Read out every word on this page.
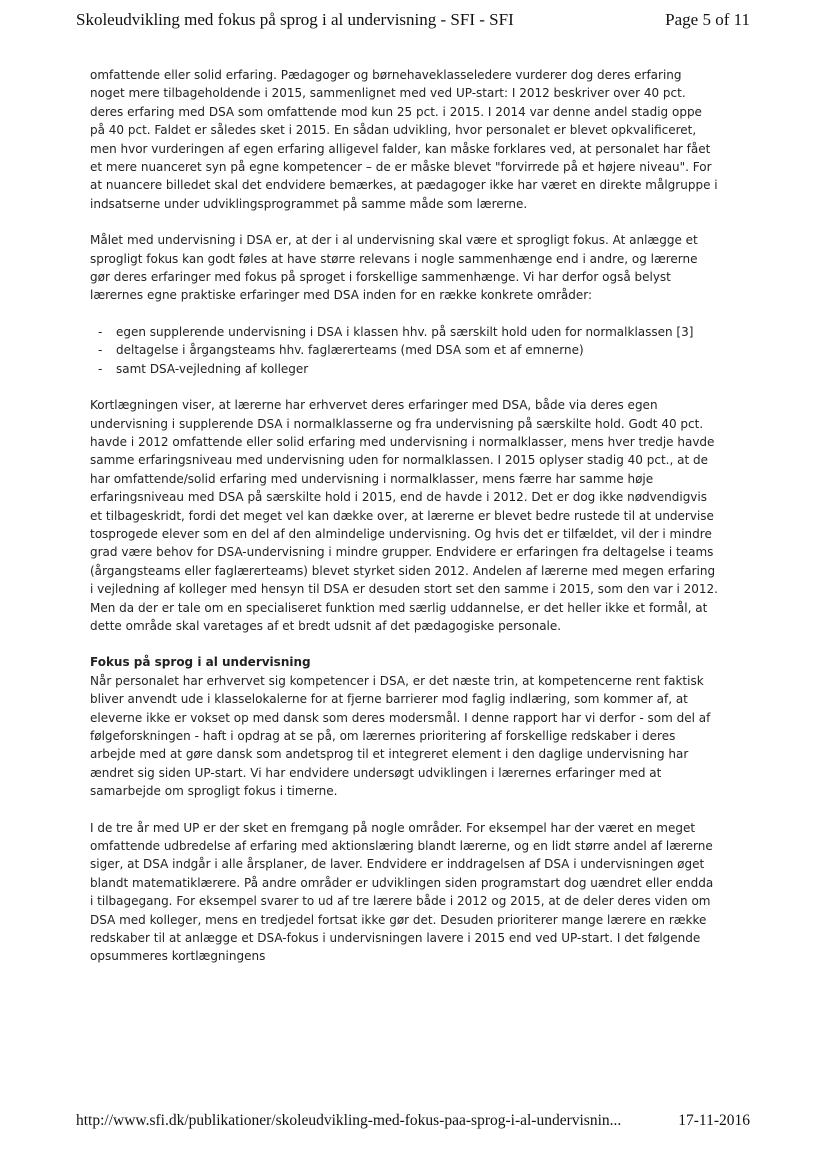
Skoleudvikling med fokus på sprog i al undervisning - SFI - SFI	Page 5 of 11

omfattende eller solid erfaring. Pædagoger og børnehaveklasseledere vurderer dog deres erfaring noget mere tilbageholdende i 2015, sammenlignet med ved UP-start: I 2012 beskriver over 40 pct. deres erfaring med DSA som omfattende mod kun 25 pct. i 2015. I 2014 var denne andel stadig oppe på 40 pct. Faldet er således sket i 2015. En sådan udvikling, hvor personalet er blevet opkvalificeret, men hvor vurderingen af egen erfaring alligevel falder, kan måske forklares ved, at personalet har fået et mere nuanceret syn på egne kompetencer – de er måske blevet "forvirrede på et højere niveau". For at nuancere billedet skal det endvidere bemærkes, at pædagoger ikke har været en direkte målgruppe i indsatserne under udviklingsprogrammet på samme måde som lærerne.

Målet med undervisning i DSA er, at der i al undervisning skal være et sprogligt fokus. At anlægge et sprogligt fokus kan godt føles at have større relevans i nogle sammenhænge end i andre, og lærerne gør deres erfaringer med fokus på sproget i forskellige sammenhænge. Vi har derfor også belyst lærernes egne praktiske erfaringer med DSA inden for en række konkrete områder:

- egen supplerende undervisning i DSA i klassen hhv. på særskilt hold uden for normalklassen [3]
- deltagelse i årgangsteams hhv. faglærerteams (med DSA som et af emnerne)
- samt DSA-vejledning af kolleger

Kortlægningen viser, at lærerne har erhvervet deres erfaringer med DSA, både via deres egen undervisning i supplerende DSA i normalklasserne og fra undervisning på særskilte hold. Godt 40 pct. havde i 2012 omfattende eller solid erfaring med undervisning i normalklasser, mens hver tredje havde samme erfaringsniveau med undervisning uden for normalklassen. I 2015 oplyser stadig 40 pct., at de har omfattende/solid erfaring med undervisning i normalklasser, mens færre har samme høje erfaringsniveau med DSA på særskilte hold i 2015, end de havde i 2012. Det er dog ikke nødvendigvis et tilbageskridt, fordi det meget vel kan dække over, at lærerne er blevet bedre rustede til at undervise tosprogede elever som en del af den almindelige undervisning. Og hvis det er tilfældet, vil der i mindre grad være behov for DSA-undervisning i mindre grupper. Endvidere er erfaringen fra deltagelse i teams (årgangsteams eller faglærerteams) blevet styrket siden 2012. Andelen af lærerne med megen erfaring i vejledning af kolleger med hensyn til DSA er desuden stort set den samme i 2015, som den var i 2012. Men da der er tale om en specialiseret funktion med særlig uddannelse, er det heller ikke et formål, at dette område skal varetages af et bredt udsnit af det pædagogiske personale.

Fokus på sprog i al undervisning

Når personalet har erhvervet sig kompetencer i DSA, er det næste trin, at kompetencerne rent faktisk bliver anvendt ude i klasselokalerne for at fjerne barrierer mod faglig indlæring, som kommer af, at eleverne ikke er vokset op med dansk som deres modersmål. I denne rapport har vi derfor - som del af følgeforskningen - haft i opdrag at se på, om lærernes prioritering af forskellige redskaber i deres arbejde med at gøre dansk som andetsprog til et integreret element i den daglige undervisning har ændret sig siden UP-start. Vi har endvidere undersøgt udviklingen i lærernes erfaringer med at samarbejde om sprogligt fokus i timerne.

I de tre år med UP er der sket en fremgang på nogle områder. For eksempel har der været en meget omfattende udbredelse af erfaring med aktionslæring blandt lærerne, og en lidt større andel af lærerne siger, at DSA indgår i alle årsplaner, de laver. Endvidere er inddragelsen af DSA i undervisningen øget blandt matematiklærere. På andre områder er udviklingen siden programstart dog uændret eller endda i tilbagegang. For eksempel svarer to ud af tre lærere både i 2012 og 2015, at de deler deres viden om DSA med kolleger, mens en tredjedel fortsat ikke gør det. Desuden prioriterer mange lærere en række redskaber til at anlægge et DSA-fokus i undervisningen lavere i 2015 end ved UP-start. I det følgende opsummeres kortlægningens

http://www.sfi.dk/publikationer/skoleudvikling-med-fokus-paa-sprog-i-al-undervisnin...	17-11-2016
